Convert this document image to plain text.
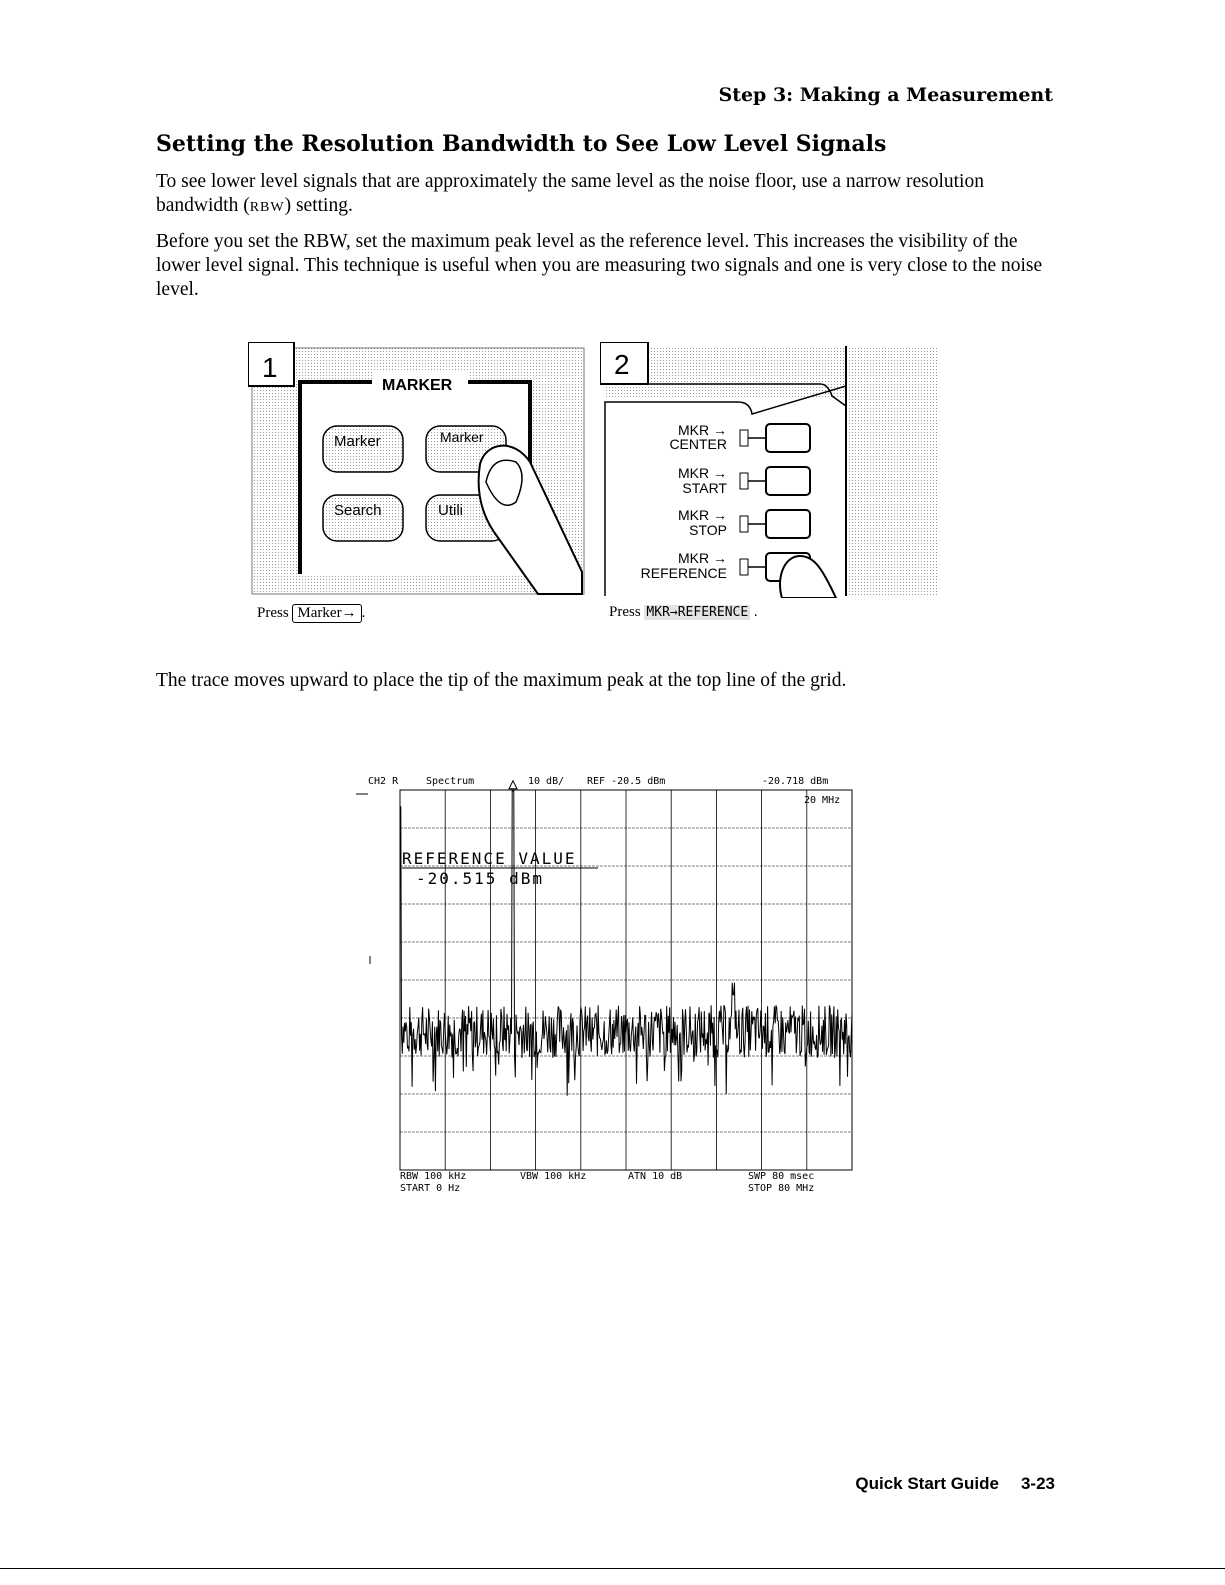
Step 3: Making a Measurement
Setting the Resolution Bandwidth to See Low Level Signals
To see lower level signals that are approximately the same level as the noise floor, use a narrow resolution bandwidth (RBW) setting.
Before you set the RBW, set the maximum peak level as the reference level. This increases the visibility of the lower level signal. This technique is useful when you are measuring two signals and one is very close to the noise level.
1
MARKER
Marker	Marker
Search	Utili
Press Marker→ .
2
MKR →
CENTER
MKR →
START
MKR →
STOP
MKR →
REFERENCE
Press MKR→REFERENCE .
The trace moves upward to place the tip of the maximum peak at the top line of the grid.
CH2 R	Spectrum	10 dB/ REF -20.5 dBm	-20.718 dBm
20 MHz
REFERENCE VALUE
-20.515 dBm
RBW 100 kHz	VBW 100 kHz	ATN 10 dB	SWP 80 msec
START 0 Hz	STOP 80 MHz
Quick Start Guide 3-23
